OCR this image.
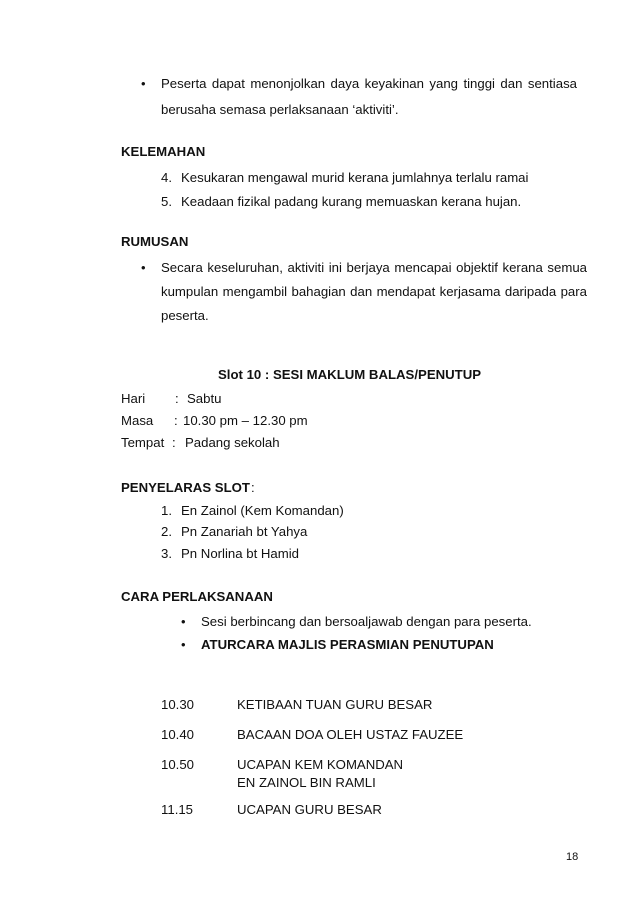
• Peserta dapat menonjolkan daya keyakinan yang tinggi dan sentiasa
berusaha semasa perlaksanaan ‘aktiviti’.
KELEMAHAN
4. Kesukaran mengawal murid kerana jumlahnya terlalu ramai
5. Keadaan fizikal padang kurang memuaskan kerana hujan.
RUMUSAN
• Secara keseluruhan, aktiviti ini berjaya mencapai objektif kerana semua
kumpulan mengambil bahagian dan mendapat kerjasama daripada para
peserta.
Slot 10 : SESI MAKLUM BALAS/PENUTUP
Hari : Sabtu
Masa : 10.30 pm – 12.30 pm
Tempat : Padang sekolah
PENYELARAS SLOT :
1. En Zainol (Kem Komandan)
2. Pn Zanariah bt Yahya
3. Pn Norlina bt Hamid
CARA PERLAKSANAAN
• Sesi berbincang dan bersoaljawab dengan para peserta.
• ATURCARA MAJLIS PERASMIAN PENUTUPAN
10.30	KETIBAAN TUAN GURU BESAR
10.40	BACAAN DOA OLEH USTAZ FAUZEE
10.50	UCAPAN KEM KOMANDAN
EN ZAINOL BIN RAMLI
11.15	UCAPAN GURU BESAR
18
